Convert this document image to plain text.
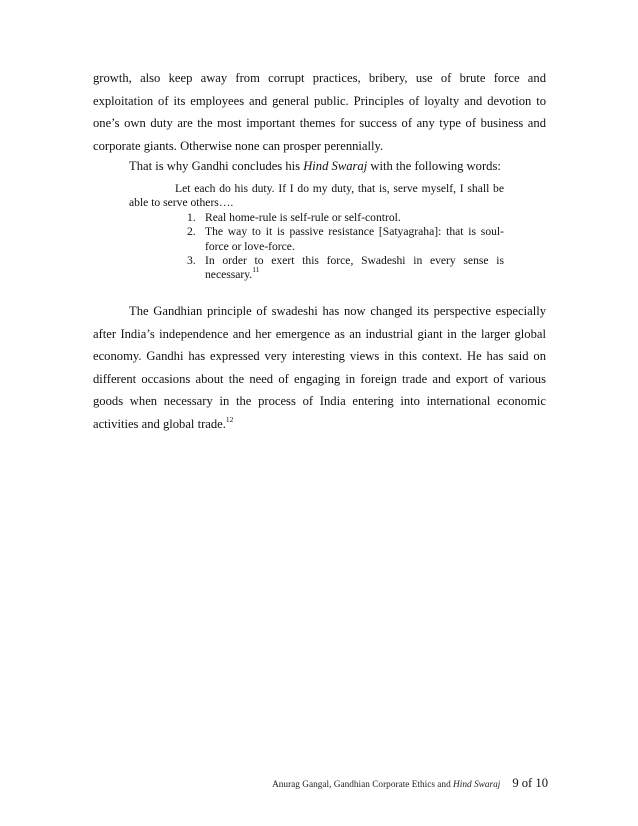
growth, also keep away from corrupt practices, bribery, use of brute force and exploitation of its employees and general public. Principles of loyalty and devotion to one’s own duty are the most important themes for success of any type of business and corporate giants. Otherwise none can prosper perennially.

That is why Gandhi concludes his Hind Swaraj with the following words:

Let each do his duty. If I do my duty, that is, serve myself, I shall be able to serve others….

1. Real home-rule is self-rule or self-control.
2. The way to it is passive resistance [Satyagraha]: that is soul-force or love-force.
3. In order to exert this force, Swadeshi in every sense is necessary.$^{11}$

The Gandhian principle of swadeshi has now changed its perspective especially after India’s independence and her emergence as an industrial giant in the larger global economy. Gandhi has expressed very interesting views in this context. He has said on different occasions about the need of engaging in foreign trade and export of various goods when necessary in the process of India entering into international economic activities and global trade.$^{12}$

Anurag Gangal, Gandhian Corporate Ethics and Hind Swaraj 9 of 10
